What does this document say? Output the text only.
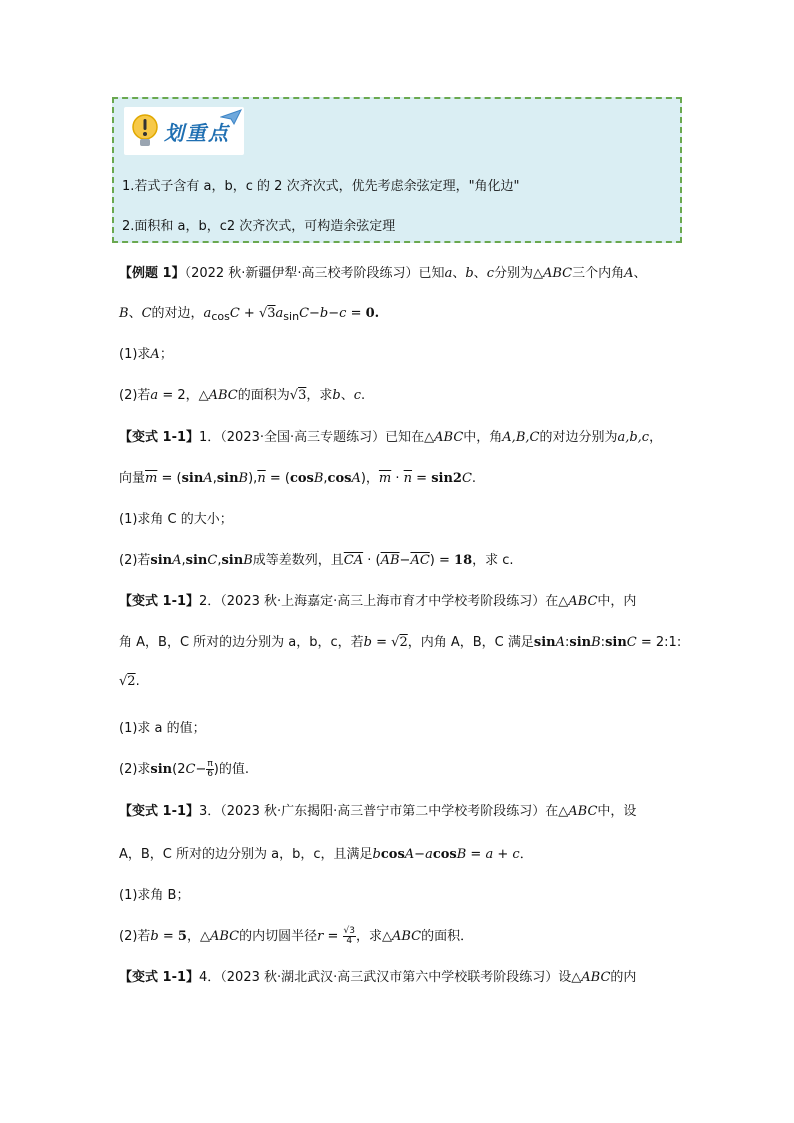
划重点
1.若式子含有 a，b，c 的 2 次齐次式，优先考虑余弦定理，"角化边"
2.面积和 a，b，c2 次齐次式，可构造余弦定理
【例题 1】（2022 秋·新疆伊犁·高三校考阶段练习）已知a、b、c分别为△ABC三个内角A、
B、C的对边，$a_{cos}C + √3a_{sin}C-b-c = 0$.
(1)求A；
(2)若a = 2，△ABC的面积为√3，求b、c.
【变式 1-1】1．（2023·全国·高三专题练习）已知在△ABC中，角A,B,C的对边分别为a,b,c，
向量$\overline{m} = (\sin A,\sin B),\overline{n} = (\cos B,\cos A)$，$\overline{m} \cdot \overline{n} = \sin 2C$.
(1)求角 C 的大小；
(2)若sinA,sinC,sinB成等差数列，且$\overline{CA} \cdot (\overline{AB}-\overline{AC}) = 18$，求 c.
【变式 1-1】2．（2023 秋·上海嘉定·高三上海市育才中学校考阶段练习）在△ABC中，内
角 A，B，C 所对的边分别为 a，b，c，若b = √2，内角 A，B，C 满足sinA:sinB:sinC = 2:1:
√2.
(1)求 a 的值；
(2)求$\sin(2C- \frac{\pi}{6}$ )的值.
【变式 1-1】3．（2023 秋·广东揭阳·高三普宁市第二中学校考阶段练习）在△ABC中，设
A，B，C 所对的边分别为 a，b，c，且满足bcosA−acosB = a + c．
(1)求角 B；
(2)若b = 5，△ABC的内切圆半径$r = \frac{√3}{4}$ ，求△ABC的面积．
【变式 1-1】4．（2023 秋·湖北武汉·高三武汉市第六中学校联考阶段练习）设△ABC的内
